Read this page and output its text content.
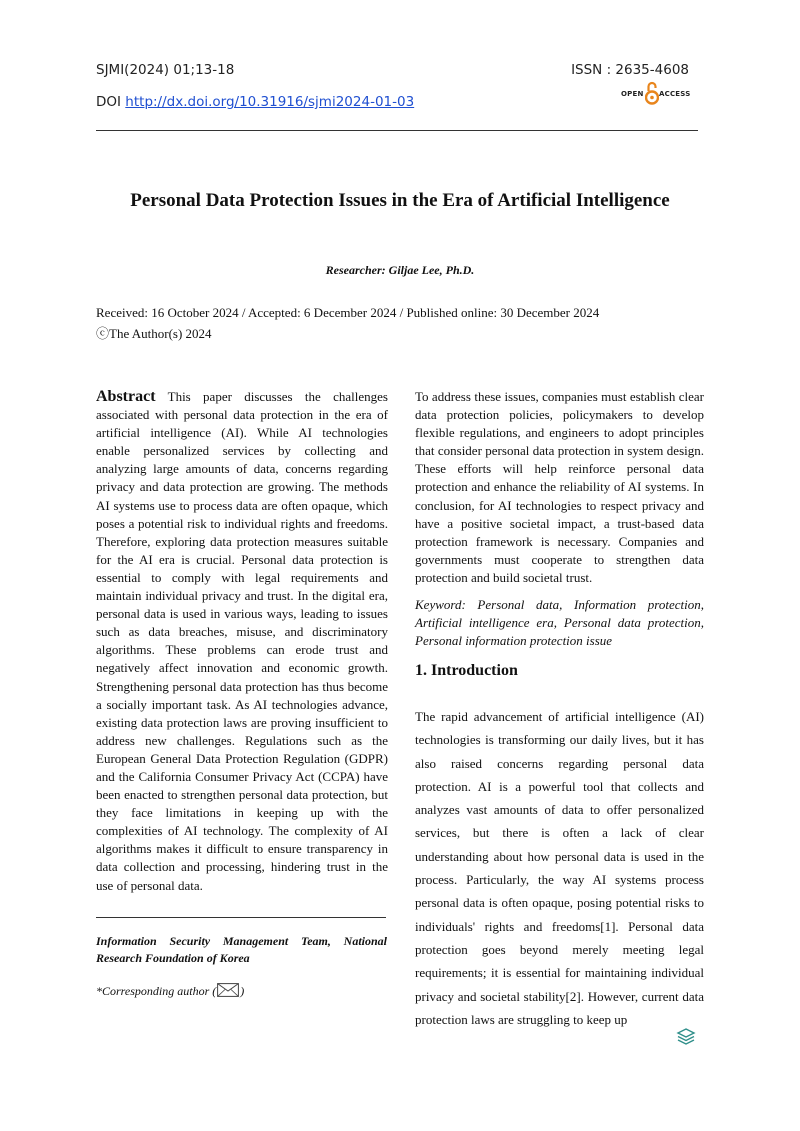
SJMI(2024) 01;13-18	ISSN : 2635-4608
DOI http://dx.doi.org/10.31916/sjmi2024-01-03	OPEN ACCESS
Personal Data Protection Issues in the Era of Artificial Intelligence
Researcher: Giljae Lee, Ph.D.
Received: 16 October 2024 / Accepted: 6 December 2024 / Published online: 30 December 2024
ⓒThe Author(s) 2024
Abstract This paper discusses the challenges associated with personal data protection in the era of artificial intelligence (AI). While AI technologies enable personalized services by collecting and analyzing large amounts of data, concerns regarding privacy and data protection are growing. The methods AI systems use to process data are often opaque, which poses a potential risk to individual rights and freedoms. Therefore, exploring data protection measures suitable for the AI era is crucial. Personal data protection is essential to comply with legal requirements and maintain individual privacy and trust. In the digital era, personal data is used in various ways, leading to issues such as data breaches, misuse, and discriminatory algorithms. These problems can erode trust and negatively affect innovation and economic growth. Strengthening personal data protection has thus become a socially important task. As AI technologies advance, existing data protection laws are proving insufficient to address new challenges. Regulations such as the European General Data Protection Regulation (GDPR) and the California Consumer Privacy Act (CCPA) have been enacted to strengthen personal data protection, but they face limitations in keeping up with the complexities of AI technology. The complexity of AI algorithms makes it difficult to ensure transparency in data collection and processing, hindering trust in the use of personal data.
Information Security Management Team, National Research Foundation of Korea
*Corresponding author ( )
To address these issues, companies must establish clear data protection policies, policymakers to develop flexible regulations, and engineers to adopt principles that consider personal data protection in system design. These efforts will help reinforce personal data protection and enhance the reliability of AI systems. In conclusion, for AI technologies to respect privacy and have a positive societal impact, a trust-based data protection framework is necessary. Companies and governments must cooperate to strengthen data protection and build societal trust.
Keyword: Personal data, Information protection, Artificial intelligence era, Personal data protection, Personal information protection issue
1. Introduction
The rapid advancement of artificial intelligence (AI) technologies is transforming our daily lives, but it has also raised concerns regarding personal data protection. AI is a powerful tool that collects and analyzes vast amounts of data to offer personalized services, but there is often a lack of clear understanding about how personal data is used in the process. Particularly, the way AI systems process personal data is often opaque, posing potential risks to individuals' rights and freedoms[1]. Personal data protection goes beyond merely meeting legal requirements; it is essential for maintaining individual privacy and societal stability[2]. However, current data protection laws are struggling to keep up
